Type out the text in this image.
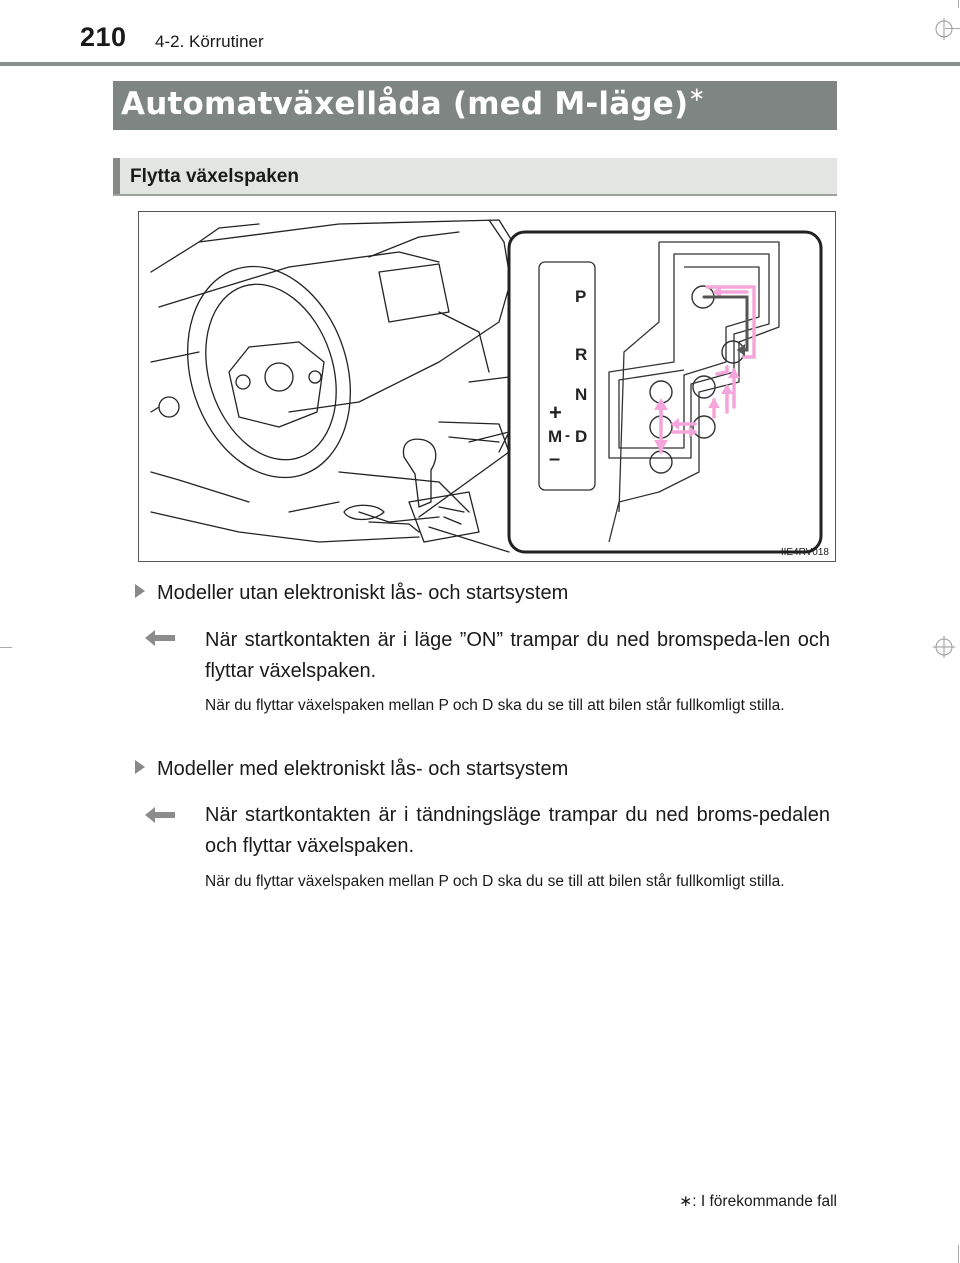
210 4-2. Körrutiner
Automatväxellåda (med M-läge)∗
Flytta växelspaken
P
R
N
D
M -
+
–
IIE4RV018
Modeller utan elektroniskt lås- och startsystem
När startkontakten är i läge ”ON” trampar du ned bromspeda-len och flyttar växelspaken.
När du flyttar växelspaken mellan P och D ska du se till att bilen står fullkomligt stilla.
Modeller med elektroniskt lås- och startsystem
När startkontakten är i tändningsläge trampar du ned broms-pedalen och flyttar växelspaken.
När du flyttar växelspaken mellan P och D ska du se till att bilen står fullkomligt stilla.
∗: I förekommande fall
